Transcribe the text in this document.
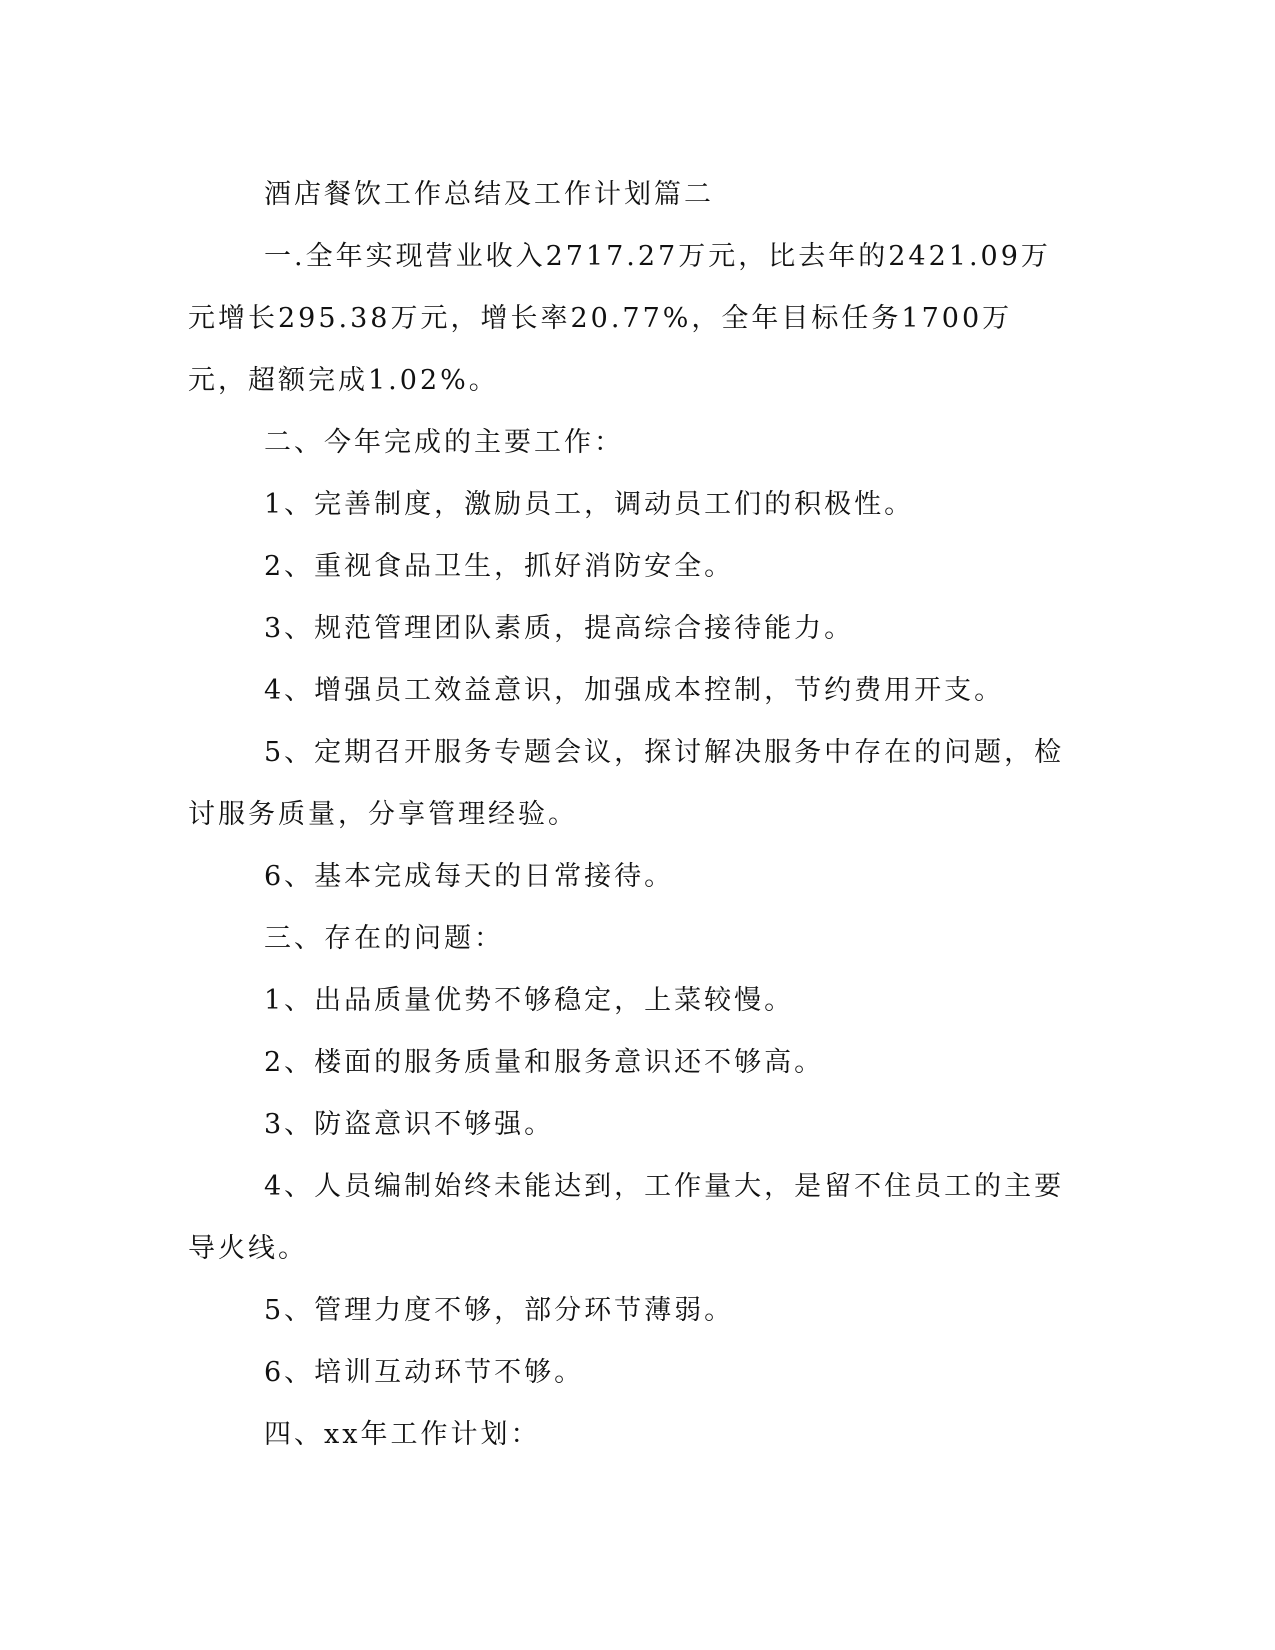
酒店餐饮工作总结及工作计划篇二

一.全年实现营业收入2717.27万元，比去年的2421.09万元增长295.38万元，增长率20.77%，全年目标任务1700万元，超额完成1.02%。

二、今年完成的主要工作：

1、完善制度，激励员工，调动员工们的积极性。

2、重视食品卫生，抓好消防安全。

3、规范管理团队素质，提高综合接待能力。

4、增强员工效益意识，加强成本控制，节约费用开支。

5、定期召开服务专题会议，探讨解决服务中存在的问题，检讨服务质量，分享管理经验。

6、基本完成每天的日常接待。

三、存在的问题：

1、出品质量优势不够稳定，上菜较慢。

2、楼面的服务质量和服务意识还不够高。

3、防盗意识不够强。

4、人员编制始终未能达到，工作量大，是留不住员工的主要导火线。

5、管理力度不够，部分环节薄弱。

6、培训互动环节不够。

四、xx年工作计划：
